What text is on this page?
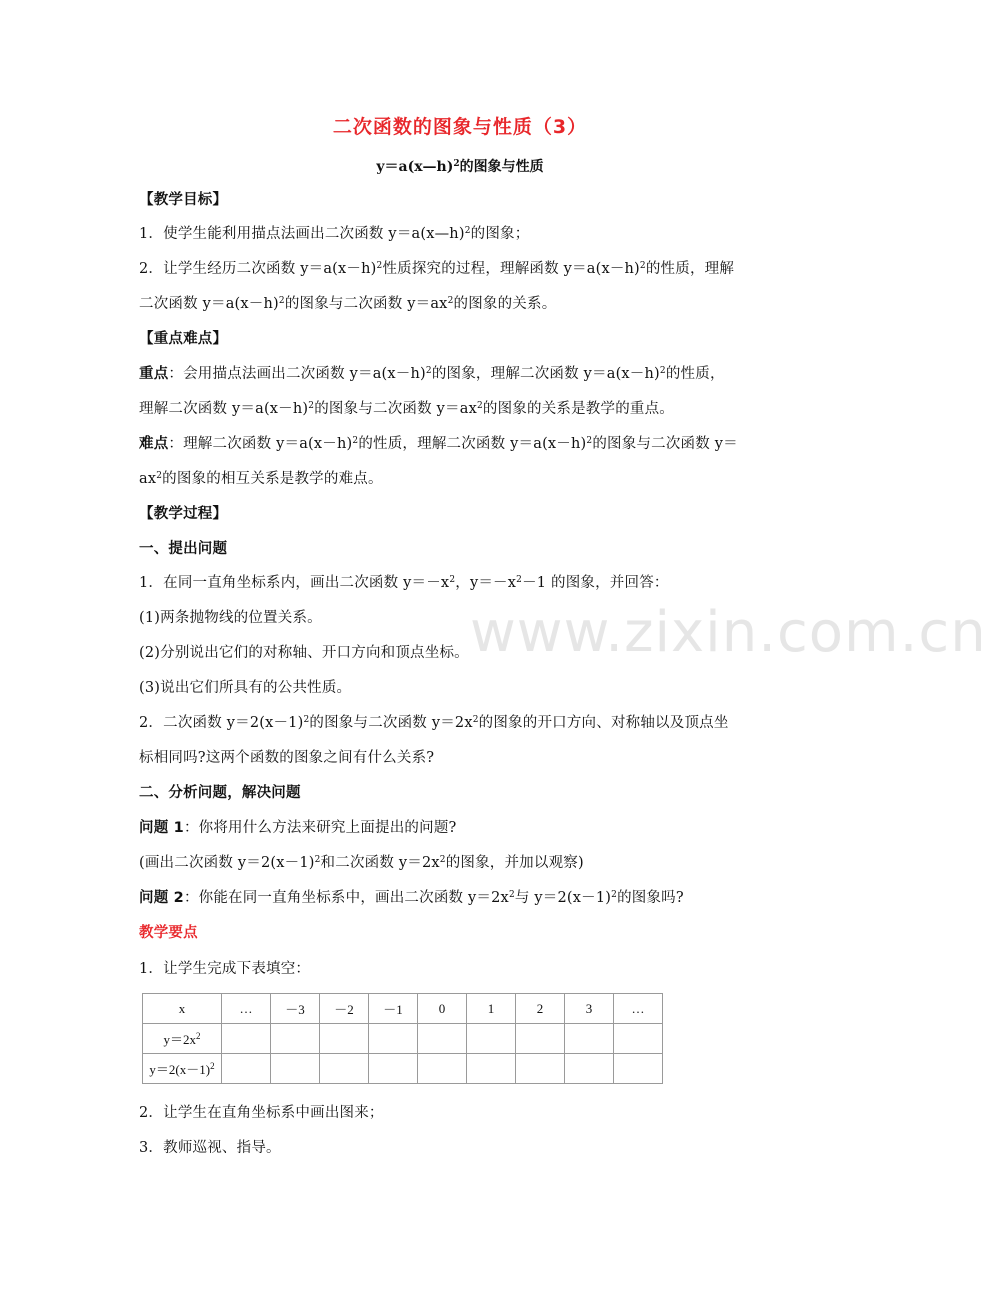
www.zixin.com.cn
二次函数的图象与性质（3）
y＝a(x—h)$^2$的图象与性质
【教学目标】
1．使学生能利用描点法画出二次函数 y＝a(x—h)$^2$的图象；
2．让学生经历二次函数 $y=a(x-h)^2$性质探究的过程，理解函数 $y=a(x-h)^2$的性质，理解
二次函数 $y=a(x-h)^2$的图象与二次函数 $y=ax^2$的图象的关系。
【重点难点】
重点：会用描点法画出二次函数 $y=a(x-h)^2$的图象，理解二次函数 $y=a(x-h)^2$的性质，
理解二次函数 $y=a(x-h)^2$的图象与二次函数 $y=ax^2$的图象的关系是教学的重点。
难点：理解二次函数 $y=a(x-h)^2$的性质，理解二次函数 $y=a(x-h)^2$的图象与二次函数 y＝
$ax^2$的图象的相互关系是教学的难点。
【教学过程】
一、提出问题
1．在同一直角坐标系内，画出二次函数 $y=-x^2$，$y=-x^2-1$ 的图象，并回答：
(1)两条抛物线的位置关系。
(2)分别说出它们的对称轴、开口方向和顶点坐标。
(3)说出它们所具有的公共性质。
2．二次函数 $y=2(x-1)^2$的图象与二次函数 $y=2x^2$的图象的开口方向、对称轴以及顶点坐
标相同吗?这两个函数的图象之间有什么关系?
二、分析问题，解决问题
问题 1：你将用什么方法来研究上面提出的问题?
(画出二次函数 $y=2(x-1)^2$和二次函数 $y=2x^2$的图象，并加以观察)
问题 2：你能在同一直角坐标系中，画出二次函数 $y=2x^2$与 $y=2(x-1)^2$的图象吗?
教学要点
1．让学生完成下表填空：
x	…	－3	－2	－1	0	1	2	3	…
$y=2x^2$									
$y=2(x-1)^2$									
2．让学生在直角坐标系中画出图来；
3．教师巡视、指导。
